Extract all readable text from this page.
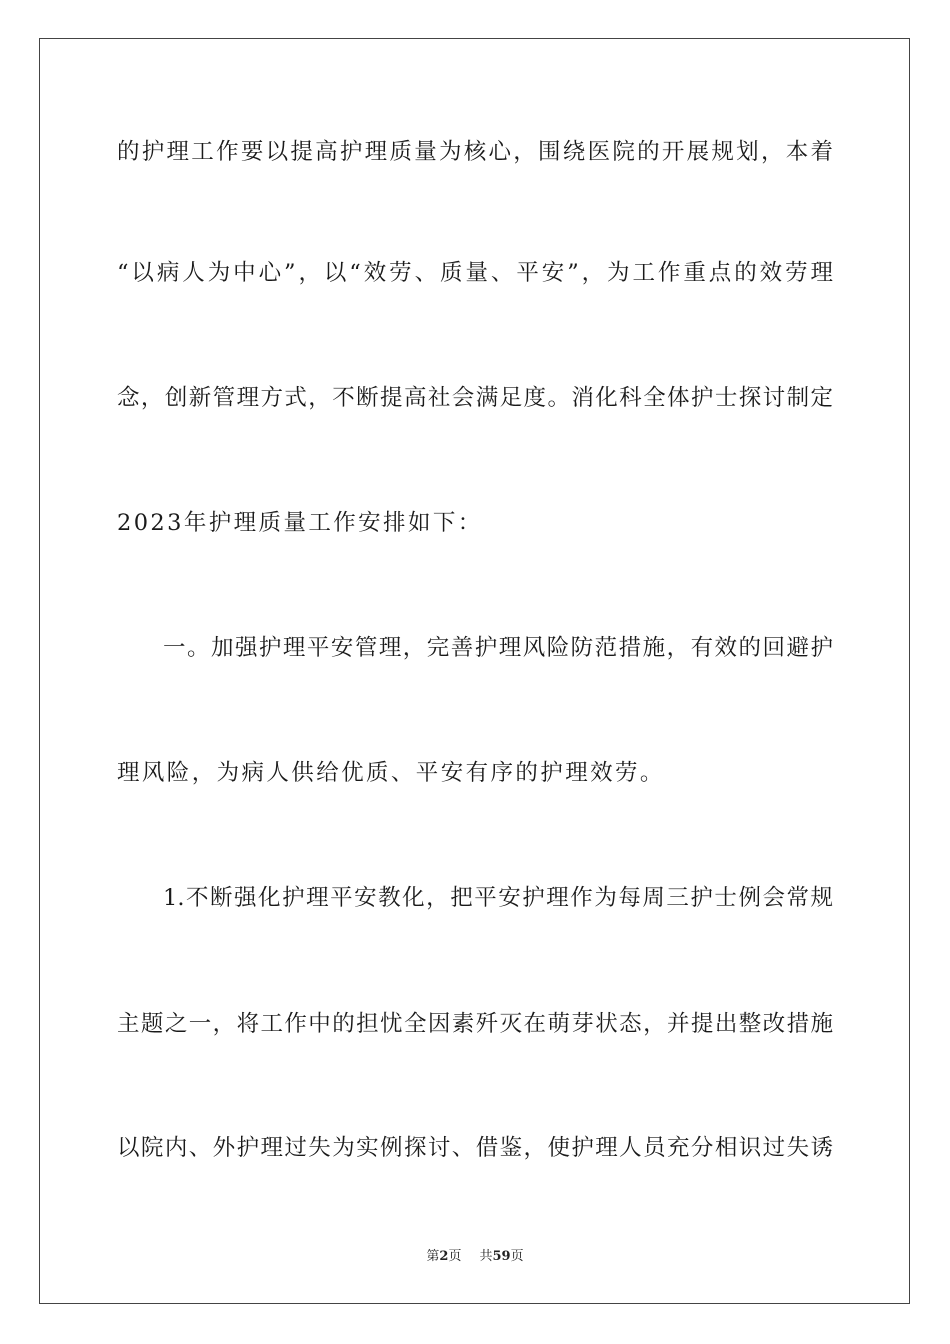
的护理工作要以提高护理质量为核心，围绕医院的开展规划，本着
“以病人为中心”，以“效劳、质量、平安”，为工作重点的效劳理
念，创新管理方式，不断提高社会满足度。消化科全体护士探讨制定
2023年护理质量工作安排如下：
一。加强护理平安管理，完善护理风险防范措施，有效的回避护
理风险，为病人供给优质、平安有序的护理效劳。
1.不断强化护理平安教化，把平安护理作为每周三护士例会常规
主题之一，将工作中的担忧全因素歼灭在萌芽状态，并提出整改措施
以院内、外护理过失为实例探讨、借鉴，使护理人员充分相识过失诱
第2页 共59页
